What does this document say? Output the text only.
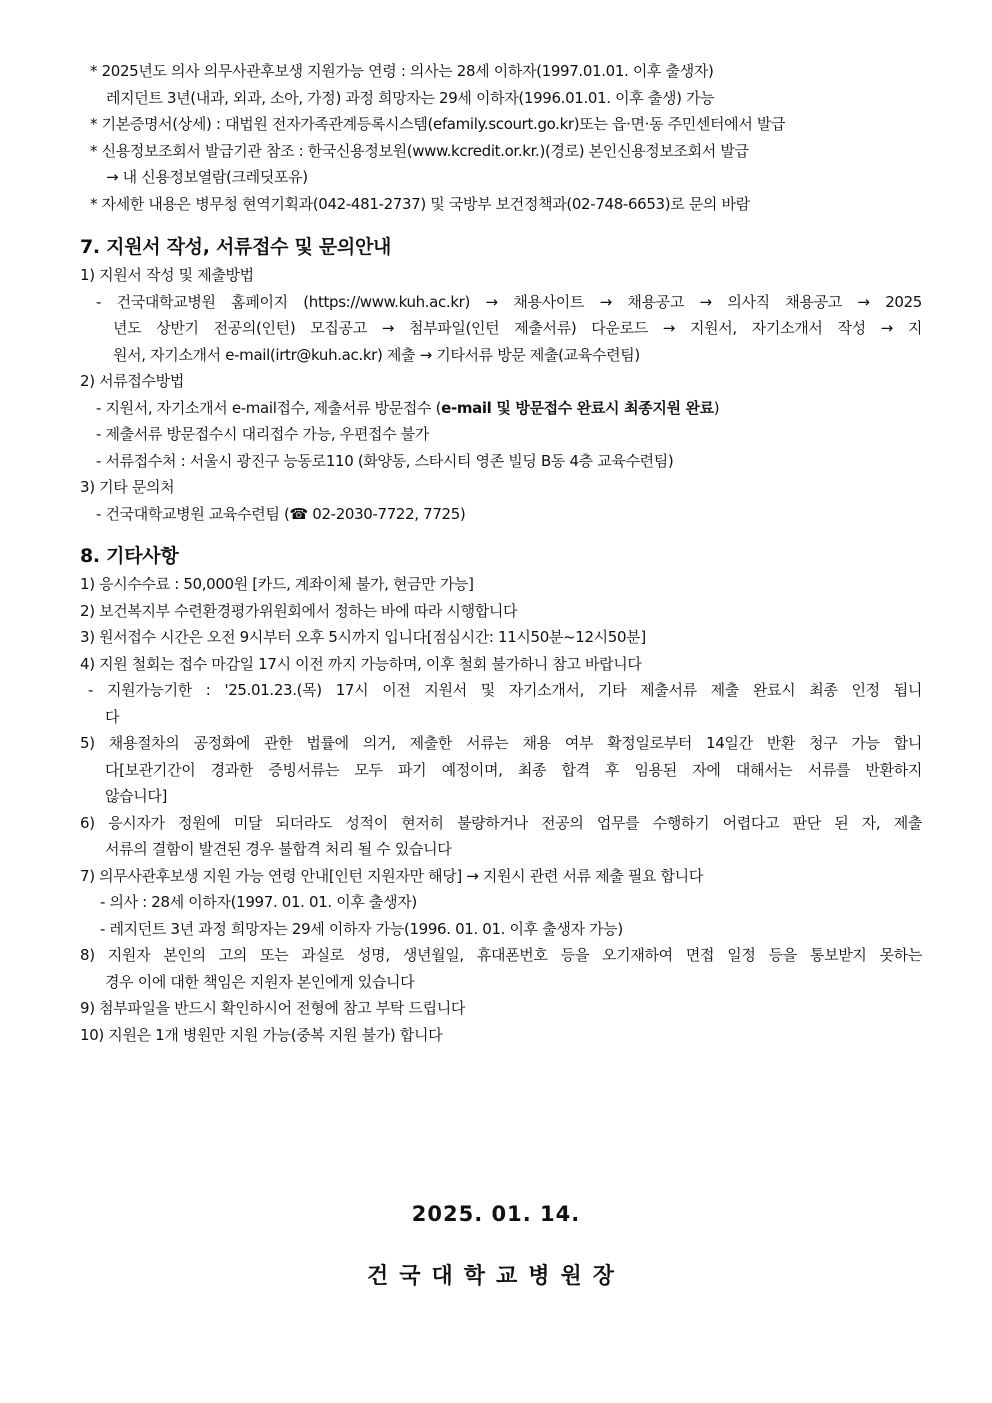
* 2025년도 의사 의무사관후보생 지원가능 연령 : 의사는 28세 이하자(1997.01.01. 이후 출생자)
레지던트 3년(내과, 외과, 소아, 가정) 과정 희망자는 29세 이하자(1996.01.01. 이후 출생) 가능
* 기본증명서(상세) : 대법원 전자가족관계등록시스템(efamily.scourt.go.kr)또는 읍·면·동 주민센터에서 발급
* 신용정보조회서 발급기관 참조 : 한국신용정보원(www.kcredit.or.kr.)(경로) 본인신용정보조회서 발급
→ 내 신용정보열람(크레딧포유)
* 자세한 내용은 병무청 현역기획과(042-481-2737) 및 국방부 보건정책과(02-748-6653)로 문의 바람
7. 지원서 작성, 서류접수 및 문의안내
1) 지원서 작성 및 제출방법
- 건국대학교병원 홈페이지 (https://www.kuh.ac.kr) → 채용사이트 → 채용공고 → 의사직 채용공고 → 2025
년도 상반기 전공의(인턴) 모집공고 → 첨부파일(인턴 제출서류) 다운로드 → 지원서, 자기소개서 작성 → 지
원서, 자기소개서 e-mail(irtr@kuh.ac.kr) 제출 → 기타서류 방문 제출(교육수련팀)
2) 서류접수방법
- 지원서, 자기소개서 e-mail접수, 제출서류 방문접수 (e-mail 및 방문접수 완료시 최종지원 완료)
- 제출서류 방문접수시 대리접수 가능, 우편접수 불가
- 서류접수처 : 서울시 광진구 능동로110 (화양동, 스타시티 영존 빌딩 B동 4층 교육수련팀)
3) 기타 문의처
- 건국대학교병원 교육수련팀 (☎ 02-2030-7722, 7725)
8. 기타사항
1) 응시수수료 : 50,000원 [카드, 계좌이체 불가, 현금만 가능]
2) 보건복지부 수련환경평가위원회에서 정하는 바에 따라 시행합니다
3) 원서접수 시간은 오전 9시부터 오후 5시까지 입니다[점심시간: 11시50분~12시50분]
4) 지원 철회는 접수 마감일 17시 이전 까지 가능하며, 이후 철회 불가하니 참고 바랍니다
- 지원가능기한 : '25.01.23.(목) 17시 이전 지원서 및 자기소개서, 기타 제출서류 제출 완료시 최종 인정 됩니
다
5) 채용절차의 공정화에 관한 법률에 의거, 제출한 서류는 채용 여부 확정일로부터 14일간 반환 청구 가능 합니
다[보관기간이 경과한 증빙서류는 모두 파기 예정이며, 최종 합격 후 임용된 자에 대해서는 서류를 반환하지
않습니다]
6) 응시자가 정원에 미달 되더라도 성적이 현저히 불량하거나 전공의 업무를 수행하기 어렵다고 판단 된 자, 제출
서류의 결함이 발견된 경우 불합격 처리 될 수 있습니다
7) 의무사관후보생 지원 가능 연령 안내[인턴 지원자만 해당] → 지원시 관련 서류 제출 필요 합니다
- 의사 : 28세 이하자(1997. 01. 01. 이후 출생자)
- 레지던트 3년 과정 희망자는 29세 이하자 가능(1996. 01. 01. 이후 출생자 가능)
8) 지원자 본인의 고의 또는 과실로 성명, 생년월일, 휴대폰번호 등을 오기재하여 면접 일정 등을 통보받지 못하는
경우 이에 대한 책임은 지원자 본인에게 있습니다
9) 첨부파일을 반드시 확인하시어 전형에 참고 부탁 드립니다
10) 지원은 1개 병원만 지원 가능(중복 지원 불가) 합니다
2025. 01. 14.
건국대학교병원장
